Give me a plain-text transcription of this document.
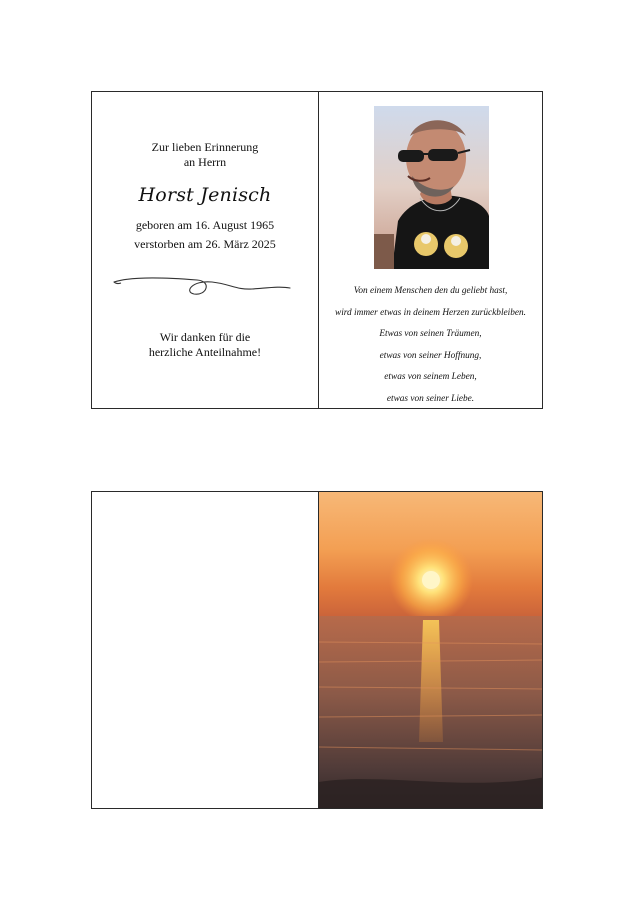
Zur lieben Erinnerung
an Herrn
Horst Jenisch
geboren am 16. August 1965
verstorben am 26. März 2025
Wir danken für die
herzliche Anteilnahme!
Von einem Menschen den du geliebt hast,
wird immer etwas in deinem Herzen zurückbleiben.
Etwas von seinen Träumen,
etwas von seiner Hoffnung,
etwas von seinem Leben,
etwas von seiner Liebe.
